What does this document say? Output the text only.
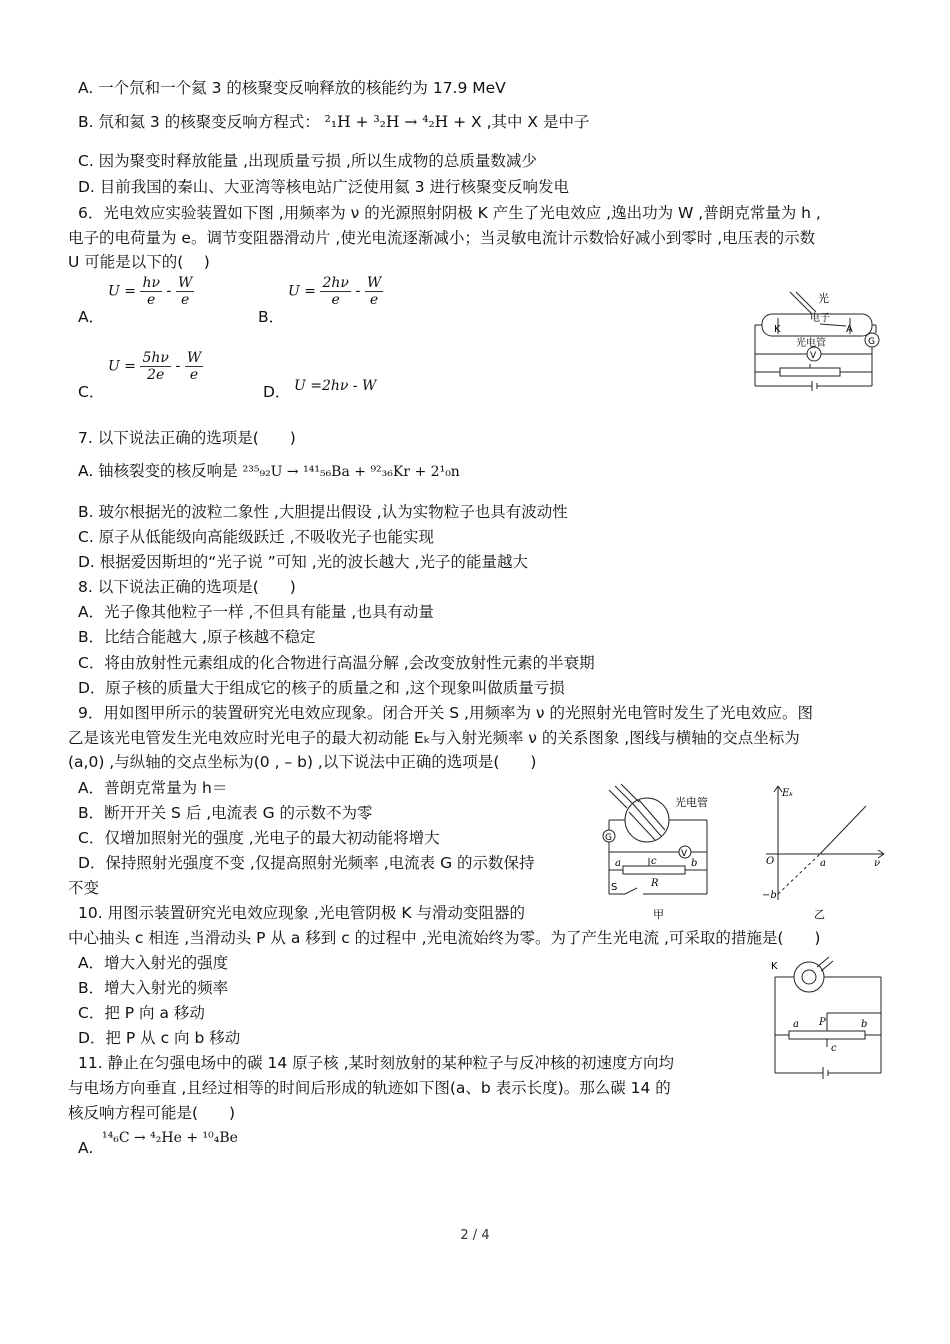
A. 一个氘和一个氦 3 的核聚变反响释放的核能约为 17.9 MeV
B. 氘和氦 3 的核聚变反响方程式： ²₁H + ³₂H → ⁴₂H + X ,其中 X 是中子
C. 因为聚变时释放能量 ,出现质量亏损 ,所以生成物的总质量数减少
D. 目前我国的秦山、大亚湾等核电站广泛使用氦 3 进行核聚变反响发电
6．光电效应实验装置如下图 ,用频率为 ν 的光源照射阴极 K 产生了光电效应 ,逸出功为 W ,普朗克常量为 h ,
电子的电荷量为 e。调节变阻器滑动片 ,使光电流逐渐减小；当灵敏电流计示数恰好减小到零时 ,电压表的示数
U 可能是以下的(　 )
A．
$U = \frac{h\nu}{e} - \frac{W}{e}$
B．
$U = \frac{2h\nu}{e} - \frac{W}{e}$
C．
$U = \frac{5h\nu}{2e} - \frac{W}{e}$
D． U =2hν - W
光
电子
K	A
光电管	G
V
7. 以下说法正确的选项是(　　)
A. 铀核裂变的核反响是 ²³⁵₉₂U → ¹⁴¹₅₆Ba + ⁹²₃₆Kr + 2¹₀n
B. 玻尔根据光的波粒二象性 ,大胆提出假设 ,认为实物粒子也具有波动性
C. 原子从低能级向高能级跃迁 ,不吸收光子也能实现
D. 根据爱因斯坦的“光子说 ”可知 ,光的波长越大 ,光子的能量越大
8. 以下说法正确的选项是(　　)
A．光子像其他粒子一样 ,不但具有能量 ,也具有动量
B．比结合能越大 ,原子核越不稳定
C．将由放射性元素组成的化合物进行高温分解 ,会改变放射性元素的半衰期
D．原子核的质量大于组成它的核子的质量之和 ,这个现象叫做质量亏损
9．用如图甲所示的装置研究光电效应现象。闭合开关 S ,用频率为 ν 的光照射光电管时发生了光电效应。图
乙是该光电管发生光电效应时光电子的最大初动能 Eₖ与入射光频率 ν 的关系图象 ,图线与横轴的交点坐标为
(a,0) ,与纵轴的交点坐标为(0 , – b) ,以下说法中正确的选项是(　　)
A．普朗克常量为 h＝
B．断开开关 S 后 ,电流表 G 的示数不为零
C．仅增加照射光的强度 ,光电子的最大初动能将增大
D．保持照射光强度不变 ,仅提高照射光频率 ,电流表 G 的示数保持
不变
光电管
G
V
a	c	b
S	R
甲
Eₖ
O	a	ν
−b
乙
10. 用图示装置研究光电效应现象 ,光电管阴极 K 与滑动变阻器的
中心抽头 c 相连 ,当滑动头 P 从 a 移到 c 的过程中 ,光电流始终为零。为了产生光电流 ,可采取的措施是(　　)
A．增大入射光的强度
B．增大入射光的频率
C．把 P 向 a 移动
D．把 P 从 c 向 b 移动
K
a P	b
c
11. 静止在匀强电场中的碳 14 原子核 ,某时刻放射的某种粒子与反冲核的初速度方向均
与电场方向垂直 ,且经过相等的时间后形成的轨迹如下图(a、b 表示长度)。那么碳 14 的
核反响方程可能是(　　)
A.
¹⁴₆C → ⁴₂He + ¹⁰₄Be
2 / 4
